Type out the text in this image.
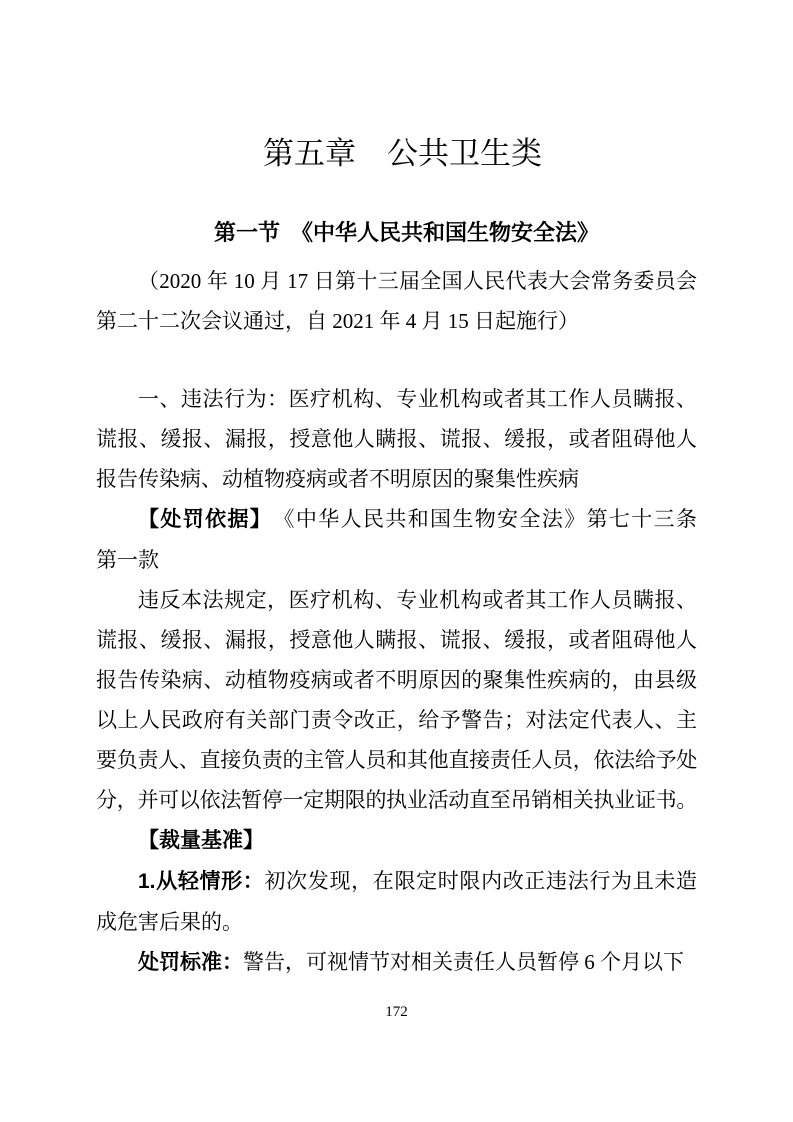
第五章　公共卫生类
第一节　《中华人民共和国生物安全法》
（2020 年 10 月 17 日第十三届全国人民代表大会常务委员会
第二十二次会议通过，自 2021 年 4 月 15 日起施行）
一、违法行为：医疗机构、专业机构或者其工作人员瞒报、
谎报、缓报、漏报，授意他人瞒报、谎报、缓报，或者阻碍他人
报告传染病、动植物疫病或者不明原因的聚集性疾病
【处罚依据】　《中华人民共和国生物安全法》第七十三条
第一款
违反本法规定，医疗机构、专业机构或者其工作人员瞒报、
谎报、缓报、漏报，授意他人瞒报、谎报、缓报，或者阻碍他人
报告传染病、动植物疫病或者不明原因的聚集性疾病的，由县级
以上人民政府有关部门责令改正，给予警告；对法定代表人、主
要负责人、直接负责的主管人员和其他直接责任人员，依法给予处
分，并可以依法暂停一定期限的执业活动直至吊销相关执业证书。
【裁量基准】
1.从轻情形：初次发现，在限定时限内改正违法行为且未造
成危害后果的。
处罚标准：警告，可视情节对相关责任人员暂停 6 个月以下
172
